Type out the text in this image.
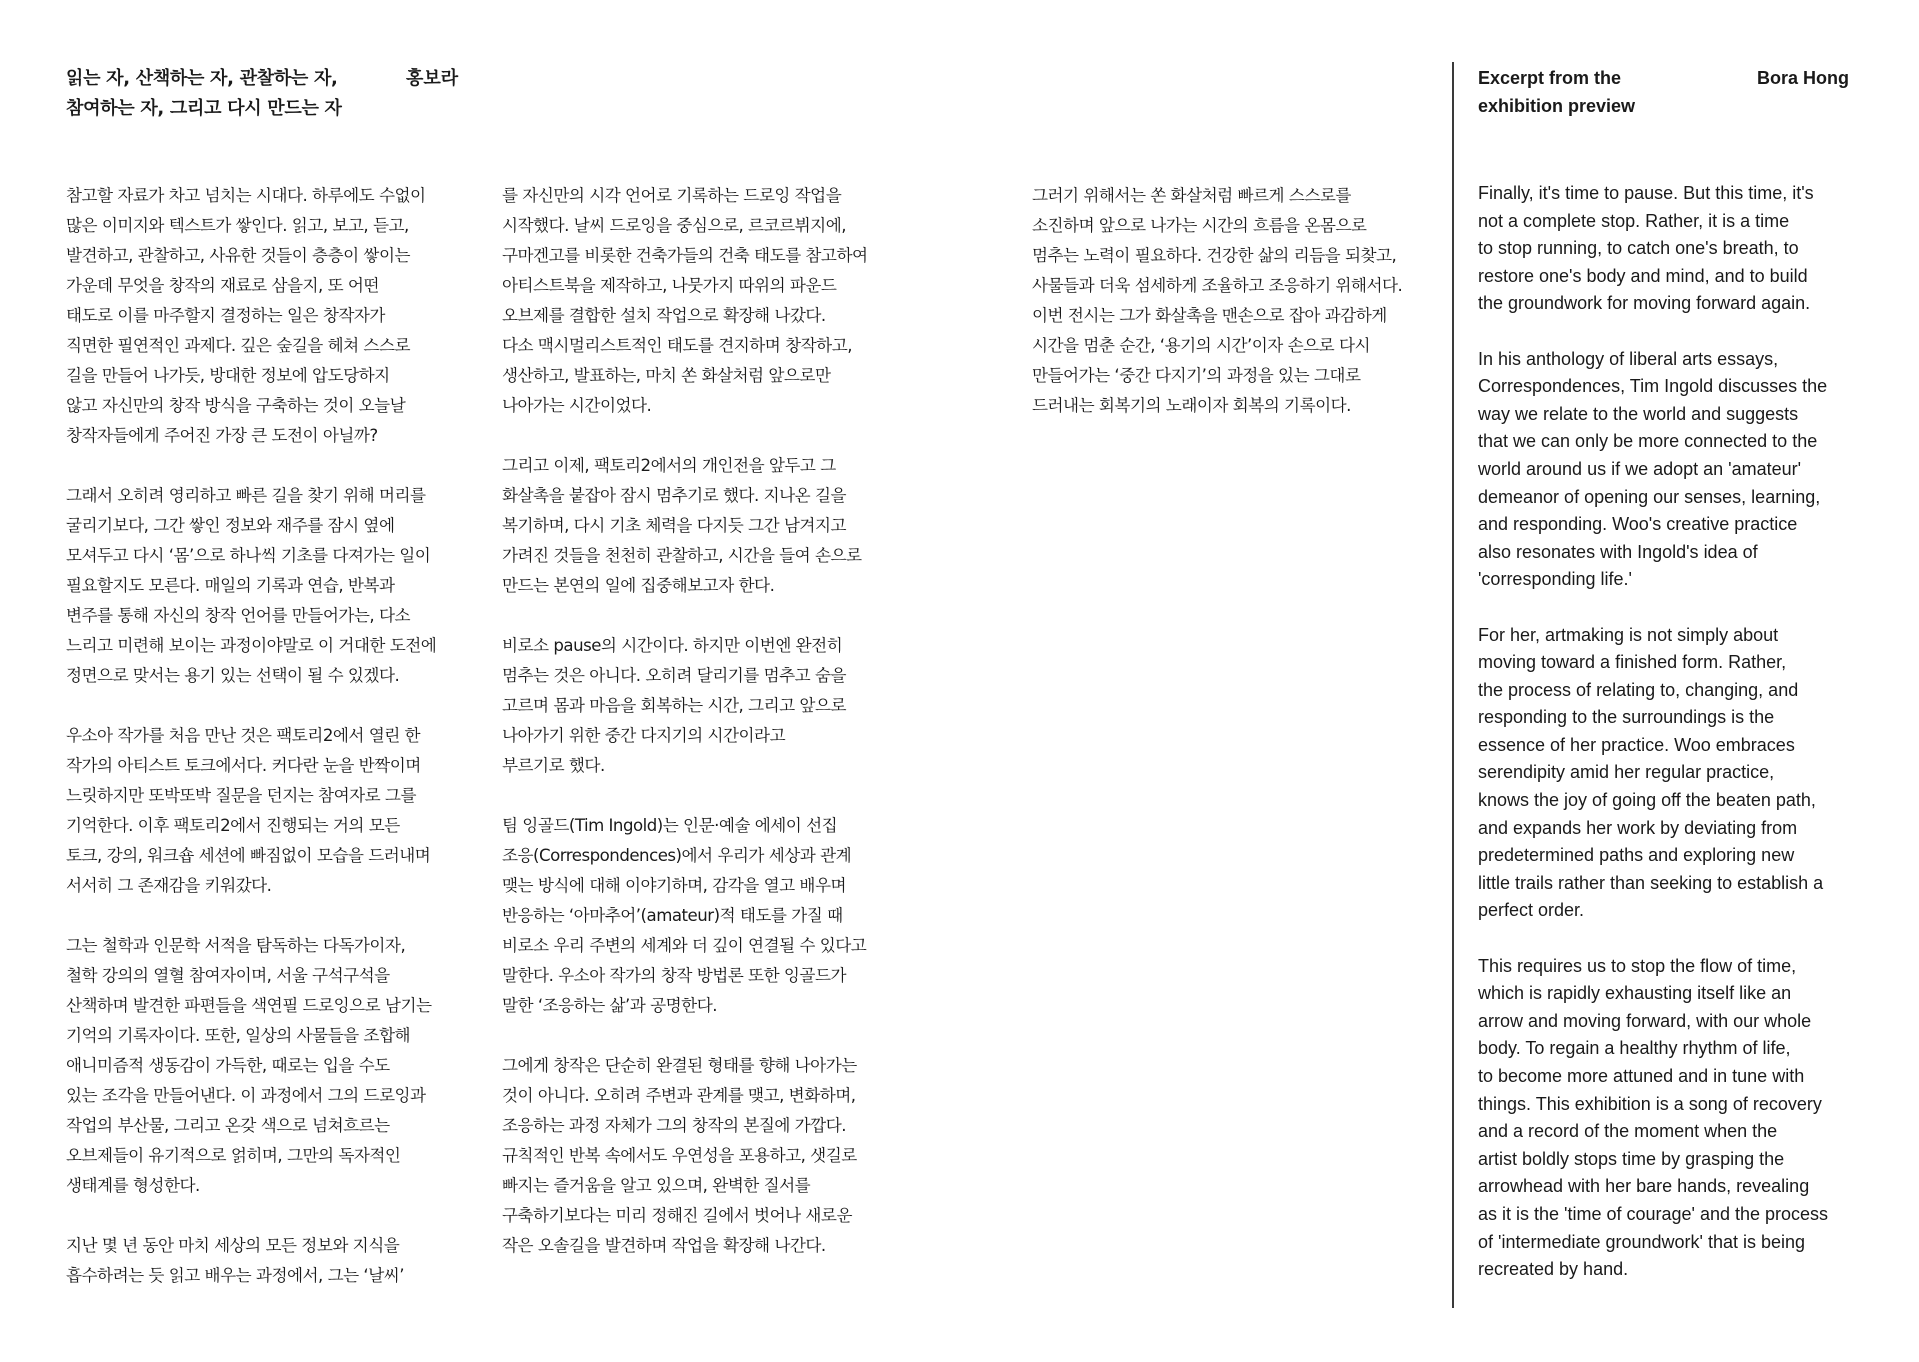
읽는 자, 산책하는 자, 관찰하는 자,
참여하는 자, 그리고 다시 만드는 자
홍보라

참고할 자료가 차고 넘치는 시대다. 하루에도 수없이
많은 이미지와 텍스트가 쌓인다. 읽고, 보고, 듣고,
발견하고, 관찰하고, 사유한 것들이 층층이 쌓이는
가운데 무엇을 창작의 재료로 삼을지, 또 어떤
태도로 이를 마주할지 결정하는 일은 창작자가
직면한 필연적인 과제다. 깊은 숲길을 헤쳐 스스로
길을 만들어 나가듯, 방대한 정보에 압도당하지
않고 자신만의 창작 방식을 구축하는 것이 오늘날
창작자들에게 주어진 가장 큰 도전이 아닐까?

그래서 오히려 영리하고 빠른 길을 찾기 위해 머리를
굴리기보다, 그간 쌓인 정보와 재주를 잠시 옆에
모셔두고 다시 ‘몸’으로 하나씩 기초를 다져가는 일이
필요할지도 모른다. 매일의 기록과 연습, 반복과
변주를 통해 자신의 창작 언어를 만들어가는, 다소
느리고 미련해 보이는 과정이야말로 이 거대한 도전에
정면으로 맞서는 용기 있는 선택이 될 수 있겠다.

우소아 작가를 처음 만난 것은 팩토리2에서 열린 한
작가의 아티스트 토크에서다. 커다란 눈을 반짝이며
느릿하지만 또박또박 질문을 던지는 참여자로 그를
기억한다. 이후 팩토리2에서 진행되는 거의 모든
토크, 강의, 워크숍 세션에 빠짐없이 모습을 드러내며
서서히 그 존재감을 키워갔다.

그는 철학과 인문학 서적을 탐독하는 다독가이자,
철학 강의의 열혈 참여자이며, 서울 구석구석을
산책하며 발견한 파편들을 색연필 드로잉으로 남기는
기억의 기록자이다. 또한, 일상의 사물들을 조합해
애니미즘적 생동감이 가득한, 때로는 입을 수도
있는 조각을 만들어낸다. 이 과정에서 그의 드로잉과
작업의 부산물, 그리고 온갖 색으로 넘쳐흐르는
오브제들이 유기적으로 얽히며, 그만의 독자적인
생태계를 형성한다.

지난 몇 년 동안 마치 세상의 모든 정보와 지식을
흡수하려는 듯 읽고 배우는 과정에서, 그는 ‘날씨’

를 자신만의 시각 언어로 기록하는 드로잉 작업을
시작했다. 날씨 드로잉을 중심으로, 르코르뷔지에,
구마겐고를 비롯한 건축가들의 건축 태도를 참고하여
아티스트북을 제작하고, 나뭇가지 따위의 파운드
오브제를 결합한 설치 작업으로 확장해 나갔다.
다소 맥시멀리스트적인 태도를 견지하며 창작하고,
생산하고, 발표하는, 마치 쏜 화살처럼 앞으로만
나아가는 시간이었다.

그리고 이제, 팩토리2에서의 개인전을 앞두고 그
화살촉을 붙잡아 잠시 멈추기로 했다. 지나온 길을
복기하며, 다시 기초 체력을 다지듯 그간 남겨지고
가려진 것들을 천천히 관찰하고, 시간을 들여 손으로
만드는 본연의 일에 집중해보고자 한다.

비로소 pause의 시간이다. 하지만 이번엔 완전히
멈추는 것은 아니다. 오히려 달리기를 멈추고 숨을
고르며 몸과 마음을 회복하는 시간, 그리고 앞으로
나아가기 위한 중간 다지기의 시간이라고
부르기로 했다.

팀 잉골드(Tim Ingold)는 인문·예술 에세이 선집
조응(Correspondences)에서 우리가 세상과 관계
맺는 방식에 대해 이야기하며, 감각을 열고 배우며
반응하는 ‘아마추어’(amateur)적 태도를 가질 때
비로소 우리 주변의 세계와 더 깊이 연결될 수 있다고
말한다. 우소아 작가의 창작 방법론 또한 잉골드가
말한 ‘조응하는 삶’과 공명한다.

그에게 창작은 단순히 완결된 형태를 향해 나아가는
것이 아니다. 오히려 주변과 관계를 맺고, 변화하며,
조응하는 과정 자체가 그의 창작의 본질에 가깝다.
규칙적인 반복 속에서도 우연성을 포용하고, 샛길로
빠지는 즐거움을 알고 있으며, 완벽한 질서를
구축하기보다는 미리 정해진 길에서 벗어나 새로운
작은 오솔길을 발견하며 작업을 확장해 나간다.

그러기 위해서는 쏜 화살처럼 빠르게 스스로를
소진하며 앞으로 나가는 시간의 흐름을 온몸으로
멈추는 노력이 필요하다. 건강한 삶의 리듬을 되찾고,
사물들과 더욱 섬세하게 조율하고 조응하기 위해서다.
이번 전시는 그가 화살촉을 맨손으로 잡아 과감하게
시간을 멈춘 순간, ‘용기의 시간’이자 손으로 다시
만들어가는 ‘중간 다지기’의 과정을 있는 그대로
드러내는 회복기의 노래이자 회복의 기록이다.

Excerpt from the
exhibition preview
Bora Hong

Finally, it's time to pause. But this time, it's
not a complete stop. Rather, it is a time
to stop running, to catch one's breath, to
restore one's body and mind, and to build
the groundwork for moving forward again.

In his anthology of liberal arts essays,
Correspondences, Tim Ingold discusses the
way we relate to the world and suggests
that we can only be more connected to the
world around us if we adopt an 'amateur'
demeanor of opening our senses, learning,
and responding. Woo's creative practice
also resonates with Ingold's idea of
'corresponding life.'

For her, artmaking is not simply about
moving toward a finished form. Rather,
the process of relating to, changing, and
responding to the surroundings is the
essence of her practice. Woo embraces
serendipity amid her regular practice,
knows the joy of going off the beaten path,
and expands her work by deviating from
predetermined paths and exploring new
little trails rather than seeking to establish a
perfect order.

This requires us to stop the flow of time,
which is rapidly exhausting itself like an
arrow and moving forward, with our whole
body. To regain a healthy rhythm of life,
to become more attuned and in tune with
things. This exhibition is a song of recovery
and a record of the moment when the
artist boldly stops time by grasping the
arrowhead with her bare hands, revealing
as it is the 'time of courage' and the process
of 'intermediate groundwork' that is being
recreated by hand.
